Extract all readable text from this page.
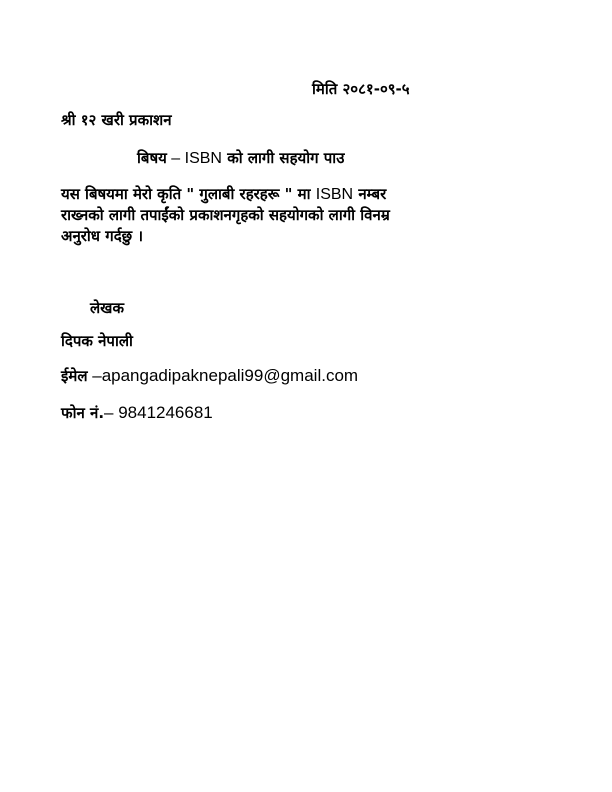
मिति २०८१-०९-५
श्री १२ खरी प्रकाशन
बिषय – ISBN को लागी सहयोग पाउ
यस बिषयमा मेरो कृति " गुलाबी रहरहरू " मा ISBN नम्बर
राख्नको लागी तपाईंको प्रकाशनगृहको सहयोगको लागी विनम्र
अनुरोध गर्दछु ।
लेखक
दिपक नेपाली
ईमेल –apangadipaknepali99@gmail.com
फोन नं.– 9841246681
